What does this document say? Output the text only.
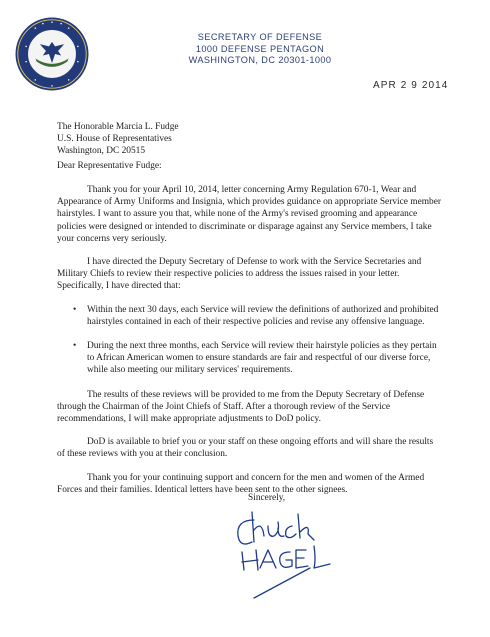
SECRETARY OF DEFENSE
1000 DEFENSE PENTAGON
WASHINGTON, DC 20301-1000
APR 2 9 2014
The Honorable Marcia L. Fudge
U.S. House of Representatives
Washington, DC 20515
Dear Representative Fudge:

Thank you for your April 10, 2014, letter concerning Army Regulation 670-1, Wear and Appearance of Army Uniforms and Insignia, which provides guidance on appropriate Service member hairstyles. I want to assure you that, while none of the Army's revised grooming and appearance policies were designed or intended to discriminate or disparage against any Service members, I take your concerns very seriously.

I have directed the Deputy Secretary of Defense to work with the Service Secretaries and Military Chiefs to review their respective policies to address the issues raised in your letter. Specifically, I have directed that:

• Within the next 30 days, each Service will review the definitions of authorized and prohibited hairstyles contained in each of their respective policies and revise any offensive language.
• During the next three months, each Service will review their hairstyle policies as they pertain to African American women to ensure standards are fair and respectful of our diverse force, while also meeting our military services' requirements.

The results of these reviews will be provided to me from the Deputy Secretary of Defense through the Chairman of the Joint Chiefs of Staff. After a thorough review of the Service recommendations, I will make appropriate adjustments to DoD policy.

DoD is available to brief you or your staff on these ongoing efforts and will share the results of these reviews with you at their conclusion.

Thank you for your continuing support and concern for the men and women of the Armed Forces and their families. Identical letters have been sent to the other signees.

Sincerely,
